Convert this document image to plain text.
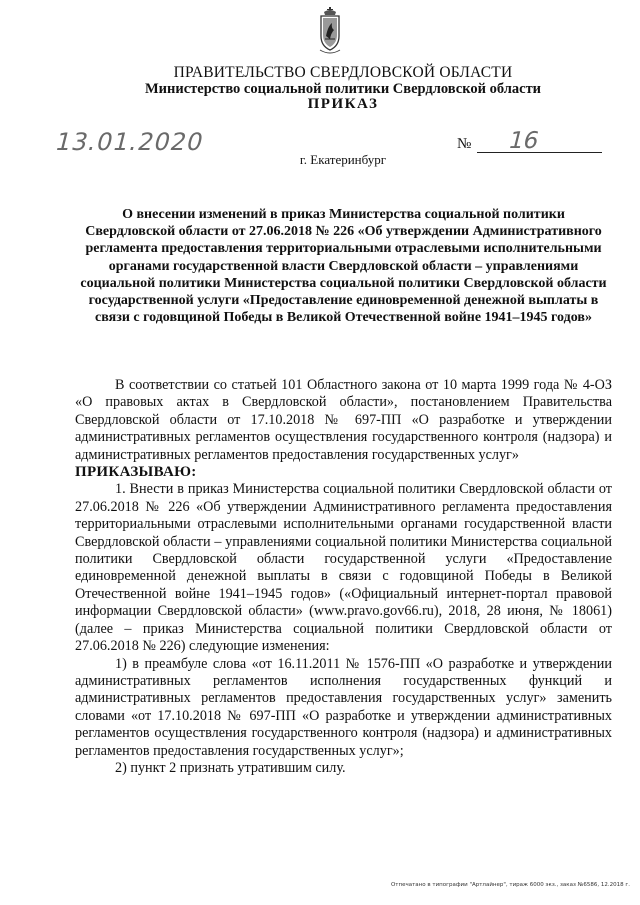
ПРАВИТЕЛЬСТВО СВЕРДЛОВСКОЙ ОБЛАСТИ
Министерство социальной политики Свердловской области
ПРИКАЗ
13.01.2020	№ 16
г. Екатеринбург
О внесении изменений в приказ Министерства социальной политики Свердловской области от 27.06.2018 № 226 «Об утверждении Административного регламента предоставления территориальными отраслевыми исполнительными органами государственной власти Свердловской области – управлениями социальной политики Министерства социальной политики Свердловской области государственной услуги «Предоставление единовременной денежной выплаты в связи с годовщиной Победы в Великой Отечественной войне 1941–1945 годов»

В соответствии со статьей 101 Областного закона от 10 марта 1999 года № 4-ОЗ «О правовых актах в Свердловской области», постановлением Правительства Свердловской области от 17.10.2018 № 697-ПП «О разработке и утверждении административных регламентов осуществления государственного контроля (надзора) и административных регламентов предоставления государственных услуг»

ПРИКАЗЫВАЮ:

1. Внести в приказ Министерства социальной политики Свердловской области от 27.06.2018 № 226 «Об утверждении Административного регламента предоставления территориальными отраслевыми исполнительными органами государственной власти Свердловской области – управлениями социальной политики Министерства социальной политики Свердловской области государственной услуги «Предоставление единовременной денежной выплаты в связи с годовщиной Победы в Великой Отечественной войне 1941–1945 годов» («Официальный интернет-портал правовой информации Свердловской области» (www.pravo.gov66.ru), 2018, 28 июня, № 18061) (далее – приказ Министерства социальной политики Свердловской области от 27.06.2018 № 226) следующие изменения:

1) в преамбуле слова «от 16.11.2011 № 1576-ПП «О разработке и утверждении административных регламентов исполнения государственных функций и административных регламентов предоставления государственных услуг» заменить словами «от 17.10.2018 № 697-ПП «О разработке и утверждении административных регламентов осуществления государственного контроля (надзора) и административных регламентов предоставления государственных услуг»;

2) пункт 2 признать утратившим силу.

Отпечатано в типографии "Артлайнер", тираж 6000 экз., заказ №6586, 12.2018 г.
